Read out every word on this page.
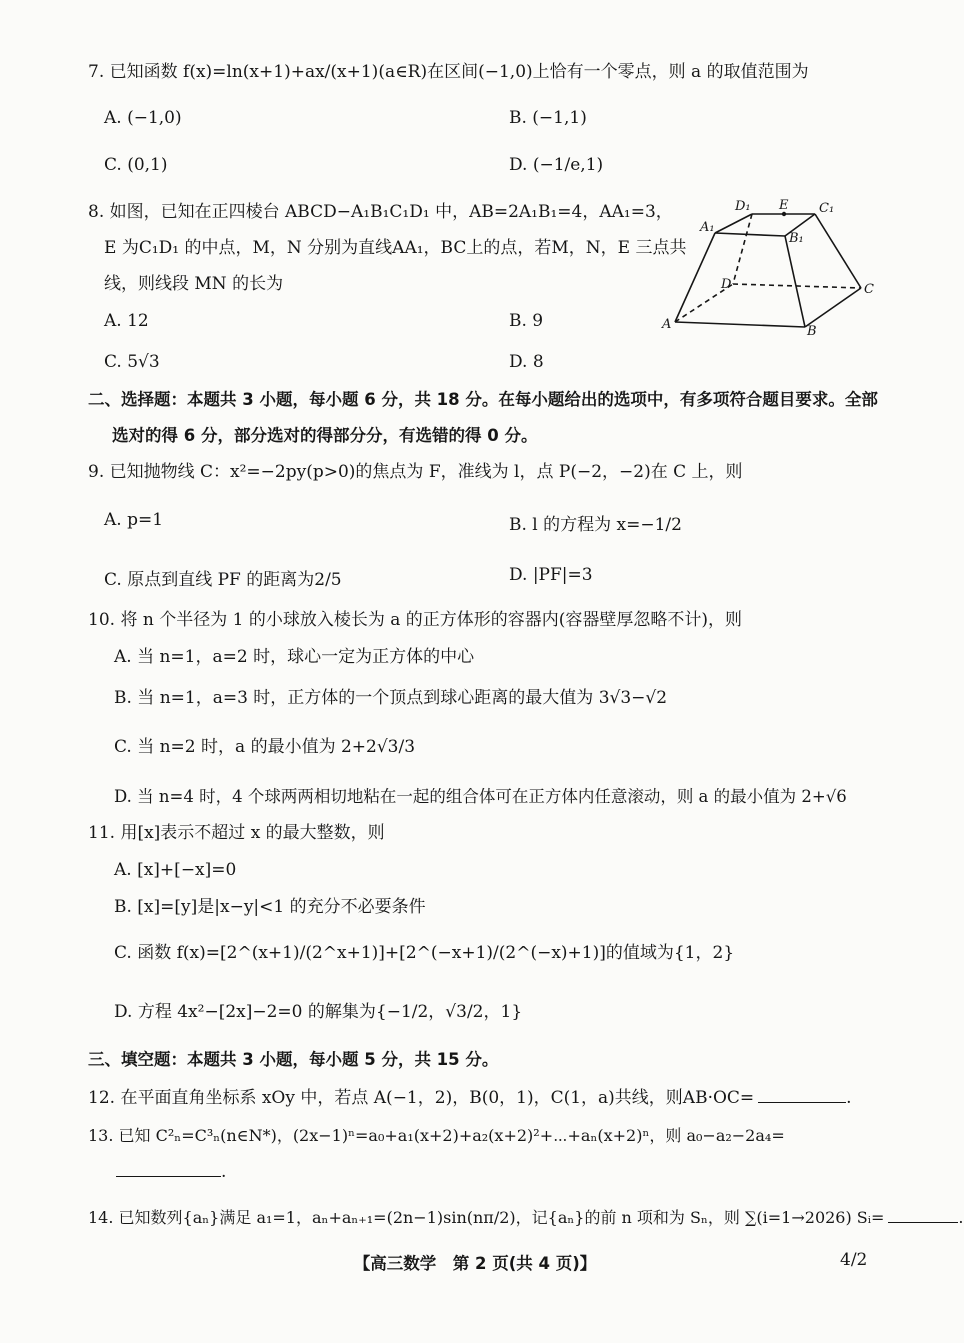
7. 已知函数 f(x)=ln(x+1)+ax/(x+1)(a∈R)在区间(−1,0)上恰有一个零点，则 a 的取值范围为
A. (−1,0)	B. (−1,1)
C. (0,1)	D. (−1/e,1)
8. 如图，已知在正四棱台 ABCD−A₁B₁C₁D₁ 中，AB=2A₁B₁=4，AA₁=3，
E 为C₁D₁ 的中点，M，N 分别为直线AA₁，BC上的点，若M，N，E 三点共
线，则线段 MN 的长为
A. 12	B. 9
C. 5√3	D. 8
D₁ E C₁
A₁
B₁
D	C
A	B
二、选择题：本题共 3 小题，每小题 6 分，共 18 分。在每小题给出的选项中，有多项符合题目要求。全部
选对的得 6 分，部分选对的得部分分，有选错的得 0 分。
9. 已知抛物线 C：x²=−2py(p>0)的焦点为 F，准线为 l，点 P(−2，−2)在 C 上，则
A. p=1	B. l 的方程为 x=−1/2
C. 原点到直线 PF 的距离为2/5	D. |PF|=3
10. 将 n 个半径为 1 的小球放入棱长为 a 的正方体形的容器内(容器壁厚忽略不计)，则
A. 当 n=1，a=2 时，球心一定为正方体的中心
B. 当 n=1，a=3 时，正方体的一个顶点到球心距离的最大值为 3√3−√2
C. 当 n=2 时，a 的最小值为 2+2√3/3
D. 当 n=4 时，4 个球两两相切地粘在一起的组合体可在正方体内任意滚动，则 a 的最小值为 2+√6
11. 用[x]表示不超过 x 的最大整数，则
A. [x]+[−x]=0
B. [x]=[y]是|x−y|<1 的充分不必要条件
C. 函数 f(x)=[2^(x+1)/(2^x+1)]+[2^(−x+1)/(2^(−x)+1)]的值域为{1，2}
D. 方程 4x²−[2x]−2=0 的解集为{−1/2，√3/2，1}
三、填空题：本题共 3 小题，每小题 5 分，共 15 分。
12. 在平面直角坐标系 xOy 中，若点 A(−1，2)，B(0，1)，C(1，a)共线，则AB·OC=	.
13. 已知 C²ₙ=C³ₙ(n∈N*)，(2x−1)ⁿ=a₀+a₁(x+2)+a₂(x+2)²+⋯+aₙ(x+2)ⁿ，则 a₀−a₂−2a₄=
.
14. 已知数列{aₙ}满足 a₁=1，aₙ+aₙ₊₁=(2n−1)sin(nπ/2)，记{aₙ}的前 n 项和为 Sₙ，则 ∑(i=1→2026) Sᵢ=	.
【高三数学　第 2 页(共 4 页)】	4/2
